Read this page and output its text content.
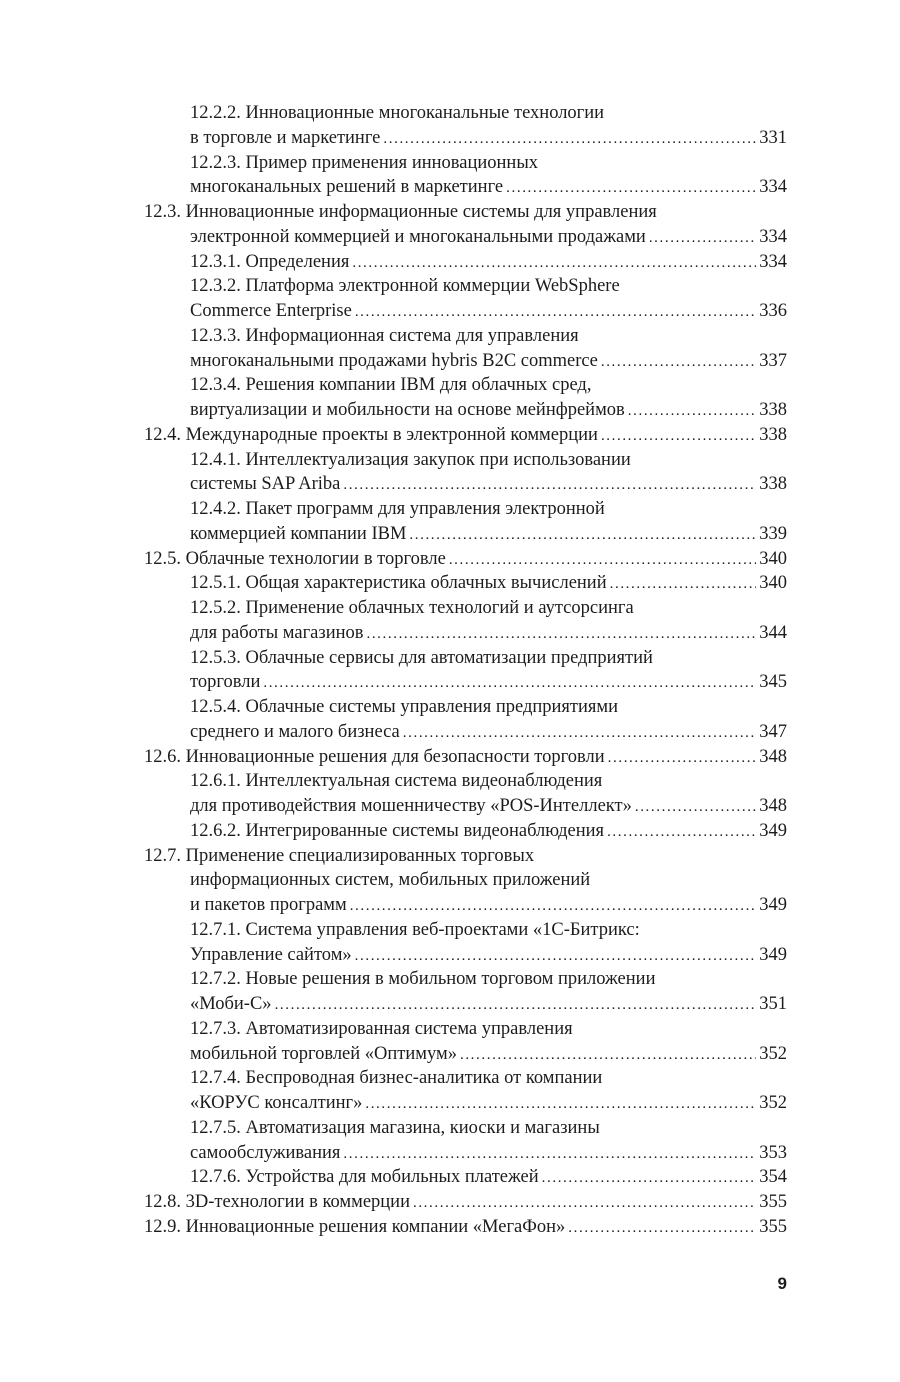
12.2.2. Инновационные многоканальные технологии
в торговле и маркетинге .....	331
12.2.3. Пример применения инновационных
многоканальных решений в маркетинге .....	334
12.3. Инновационные информационные системы для управления
электронной коммерцией и многоканальными продажами .....	334
12.3.1. Определения .....	334
12.3.2. Платформа электронной коммерции WebSphere
Commerce Enterprise .....	336
12.3.3. Информационная система для управления
многоканальными продажами hybris B2C commerce .....	337
12.3.4. Решения компании IBM для облачных сред,
виртуализации и мобильности на основе мейнфреймов .....	338
12.4. Международные проекты в электронной коммерции .....	338
12.4.1. Интеллектуализация закупок при использовании
системы SAP Ariba .....	338
12.4.2. Пакет программ для управления электронной
коммерцией компании IBM .....	339
12.5. Облачные технологии в торговле .....	340
12.5.1. Общая характеристика облачных вычислений .....	340
12.5.2. Применение облачных технологий и аутсорсинга
для работы магазинов .....	344
12.5.3. Облачные сервисы для автоматизации предприятий
торговли .....	345
12.5.4. Облачные системы управления предприятиями
среднего и малого бизнеса .....	347
12.6. Инновационные решения для безопасности торговли .....	348
12.6.1. Интеллектуальная система видеонаблюдения
для противодействия мошенничеству «POS-Интеллект» .....	348
12.6.2. Интегрированные системы видеонаблюдения .....	349
12.7. Применение специализированных торговых
информационных систем, мобильных приложений
и пакетов программ .....	349
12.7.1. Система управления веб-проектами «1С-Битрикс:
Управление сайтом» .....	349
12.7.2. Новые решения в мобильном торговом приложении
«Моби-С» .....	351
12.7.3. Автоматизированная система управления
мобильной торговлей «Оптимум» .....	352
12.7.4. Беспроводная бизнес-аналитика от компании
«КОРУС консалтинг» .....	352
12.7.5. Автоматизация магазина, киоски и магазины
самообслуживания .....	353
12.7.6. Устройства для мобильных платежей .....	354
12.8. 3D-технологии в коммерции .....	355
12.9. Инновационные решения компании «МегаФон» .....	355
9
